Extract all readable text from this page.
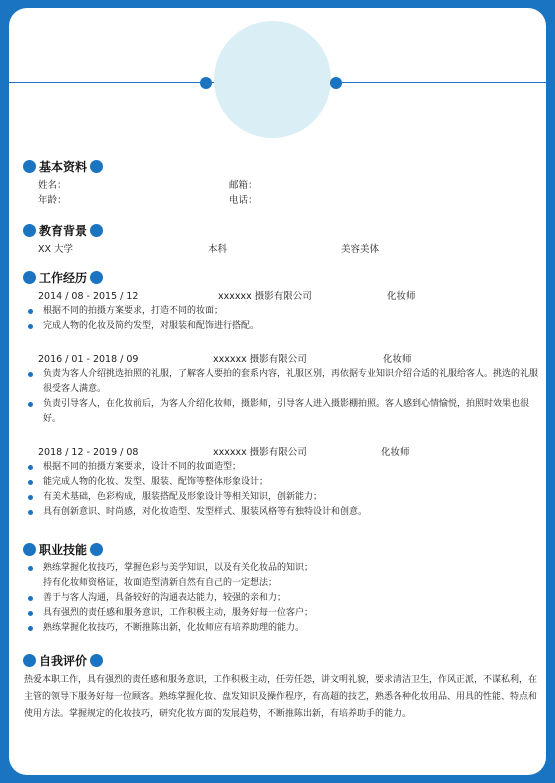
基本资料
姓名：	邮箱：
年龄：	电话：
教育背景
XX 大学	本科	美容美体
工作经历
2014 / 08 - 2015 / 12	xxxxxx 摄影有限公司	化妆师
根据不同的拍摄方案要求，打造不同的妆面；
完成人物的化妆及简约发型，对服装和配饰进行搭配。
2016 / 01 - 2018 / 09	xxxxxx 摄影有限公司	化妆师
负责为客人介绍挑选拍照的礼服，了解客人要拍的套系内容，礼服区别，再依据专业知识介绍合适的礼服给客人。挑选的礼服很受客人满意。
负责引导客人，在化妆前后，为客人介绍化妆师，摄影师，引导客人进入摄影棚拍照。客人感到心情愉悦，拍照时效果也很好。
2018 / 12 - 2019 / 08	xxxxxx 摄影有限公司	化妆师
根据不同的拍摄方案要求，设计不同的妆面造型；
能完成人物的化妆、发型、服装、配饰等整体形象设计；
有美术基础，色彩构成，服装搭配及形象设计等相关知识，创新能力；
具有创新意识、时尚感，对化妆造型、发型样式、服装风格等有独特设计和创意。
职业技能
熟练掌握化妆技巧，掌握色彩与美学知识，以及有关化妆品的知识；
持有化妆师资格证，妆面造型清新自然有自己的一定想法；
善于与客人沟通，具备较好的沟通表达能力，较强的亲和力；
具有强烈的责任感和服务意识，工作积极主动，服务好每一位客户；
熟练掌握化妆技巧，不断推陈出新，化妆师应有培养助理的能力。
自我评价
热爱本职工作，具有强烈的责任感和服务意识，工作积极主动，任劳任怨，讲文明礼貌，要求清洁卫生，作风正派，不谋私利，在主管的领导下服务好每一位顾客。熟练掌握化妆、盘发知识及操作程序，有高超的技艺，熟悉各种化妆用品、用具的性能、特点和使用方法。掌握规定的化妆技巧，研究化妆方面的发展趋势，不断推陈出新，有培养助手的能力。
